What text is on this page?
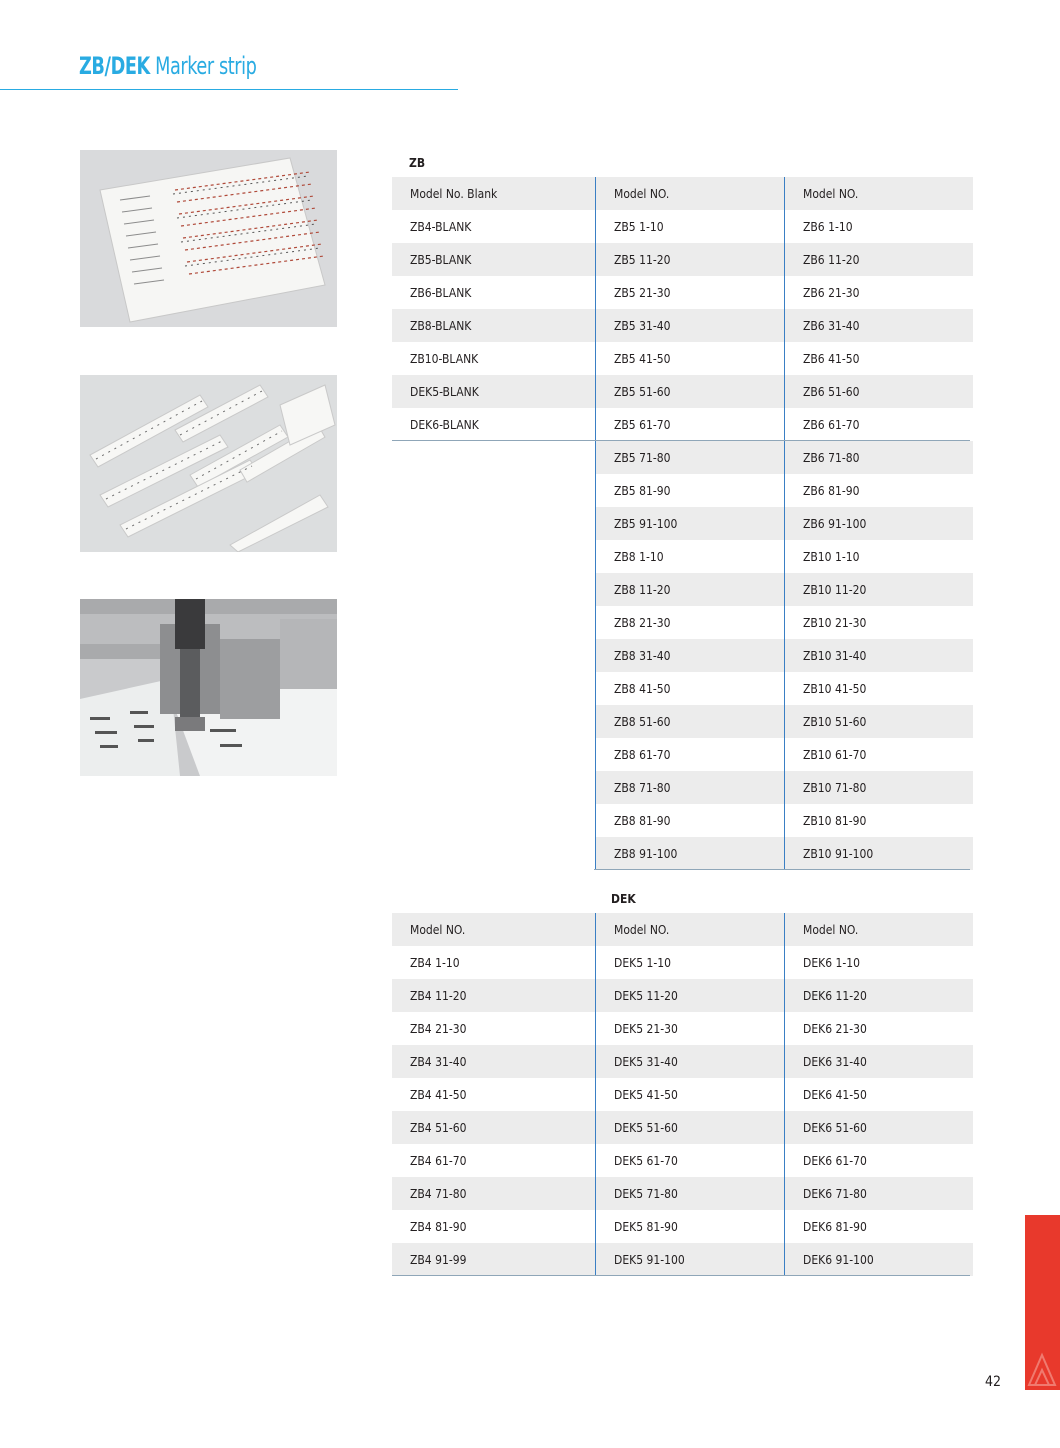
ZB/DEK Marker strip
ZB
Model No. Blank	Model NO.	Model NO.
ZB4-BLANK	ZB5 1-10	ZB6 1-10
ZB5-BLANK	ZB5 11-20	ZB6 11-20
ZB6-BLANK	ZB5 21-30	ZB6 21-30
ZB8-BLANK	ZB5 31-40	ZB6 31-40
ZB10-BLANK	ZB5 41-50	ZB6 41-50
DEK5-BLANK	ZB5 51-60	ZB6 51-60
DEK6-BLANK	ZB5 61-70	ZB6 61-70
	ZB5 71-80	ZB6 71-80
	ZB5 81-90	ZB6 81-90
	ZB5 91-100	ZB6 91-100
	ZB8 1-10	ZB10 1-10
	ZB8 11-20	ZB10 11-20
	ZB8 21-30	ZB10 21-30
	ZB8 31-40	ZB10 31-40
	ZB8 41-50	ZB10 41-50
	ZB8 51-60	ZB10 51-60
	ZB8 61-70	ZB10 61-70
	ZB8 71-80	ZB10 71-80
	ZB8 81-90	ZB10 81-90
	ZB8 91-100	ZB10 91-100
DEK
Model NO.	Model NO.	Model NO.
ZB4 1-10	DEK5 1-10	DEK6 1-10
ZB4 11-20	DEK5 11-20	DEK6 11-20
ZB4 21-30	DEK5 21-30	DEK6 21-30
ZB4 31-40	DEK5 31-40	DEK6 31-40
ZB4 41-50	DEK5 41-50	DEK6 41-50
ZB4 51-60	DEK5 51-60	DEK6 51-60
ZB4 61-70	DEK5 61-70	DEK6 61-70
ZB4 71-80	DEK5 71-80	DEK6 71-80
ZB4 81-90	DEK5 81-90	DEK6 81-90
ZB4 91-99	DEK5 91-100	DEK6 91-100
42
